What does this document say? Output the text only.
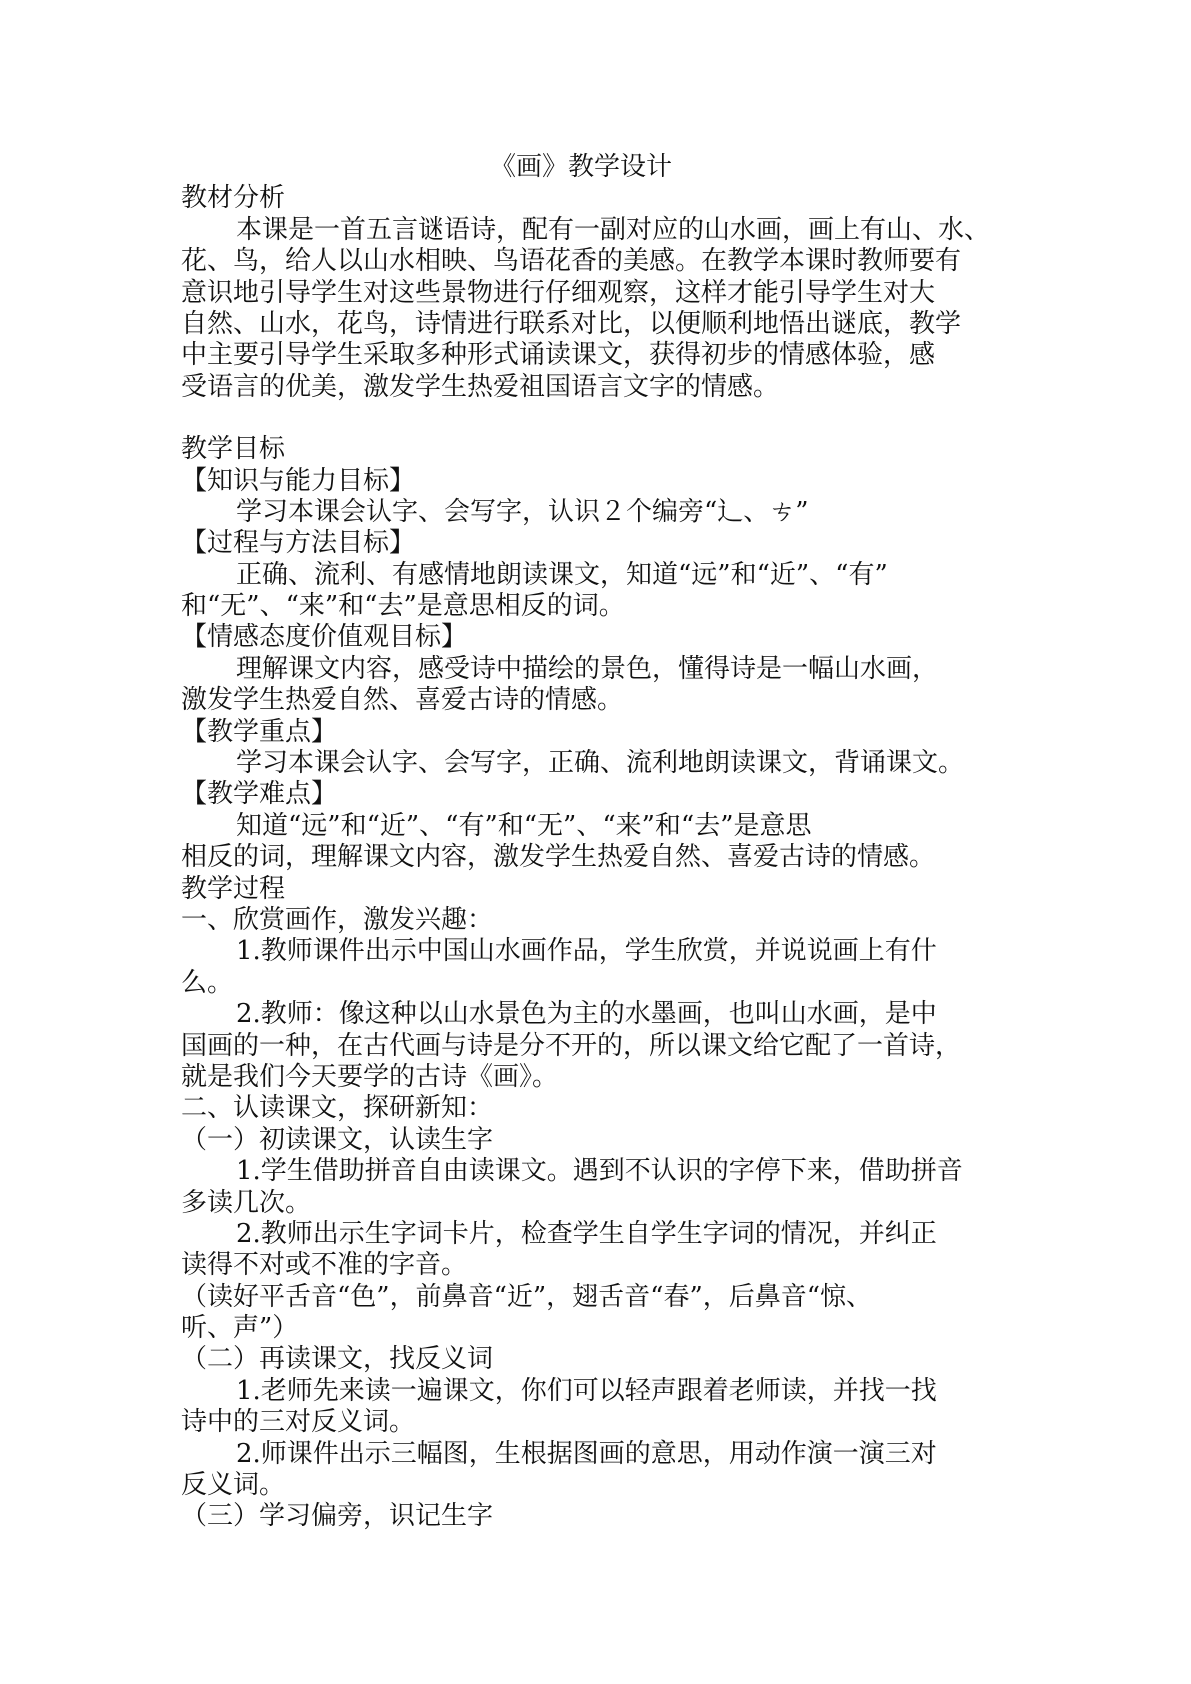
《画》教学设计
教材分析
本课是一首五言谜语诗，配有一副对应的山水画，画上有山、水、
花、鸟，给人以山水相映、鸟语花香的美感。在教学本课时教师要有
意识地引导学生对这些景物进行仔细观察，这样才能引导学生对大
自然、山水，花鸟，诗情进行联系对比，以便顺利地悟出谜底，教学
中主要引导学生采取多种形式诵读课文，获得初步的情感体验，感
受语言的优美，激发学生热爱祖国语言文字的情感。
教学目标
【知识与能力目标】
学习本课会认字、会写字，认识２个编旁“辶、ㄘ”
【过程与方法目标】
正确、流利、有感情地朗读课文，知道“远”和“近”、“有”
和“无”、“来”和“去”是意思相反的词。
【情感态度价值观目标】
理解课文内容，感受诗中描绘的景色，懂得诗是一幅山水画，
激发学生热爱自然、喜爱古诗的情感。
【教学重点】
学习本课会认字、会写字，正确、流利地朗读课文，背诵课文。
【教学难点】
知道“远”和“近”、“有”和“无”、“来”和“去”是意思
相反的词，理解课文内容，激发学生热爱自然、喜爱古诗的情感。
教学过程
一、欣赏画作，激发兴趣：
1.教师课件出示中国山水画作品，学生欣赏，并说说画上有什
么。
2.教师：像这种以山水景色为主的水墨画，也叫山水画，是中
国画的一种，在古代画与诗是分不开的，所以课文给它配了一首诗，
就是我们今天要学的古诗《画》。
二、认读课文，探研新知：
（一）初读课文，认读生字
1.学生借助拼音自由读课文。遇到不认识的字停下来，借助拼音
多读几次。
2.教师出示生字词卡片，检查学生自学生字词的情况，并纠正
读得不对或不准的字音。
（读好平舌音“色”，前鼻音“近”，翅舌音“春”，后鼻音“惊、
听、声”）
（二）再读课文，找反义词
1.老师先来读一遍课文，你们可以轻声跟着老师读，并找一找
诗中的三对反义词。
2.师课件出示三幅图，生根据图画的意思，用动作演一演三对
反义词。
（三）学习偏旁，识记生字
